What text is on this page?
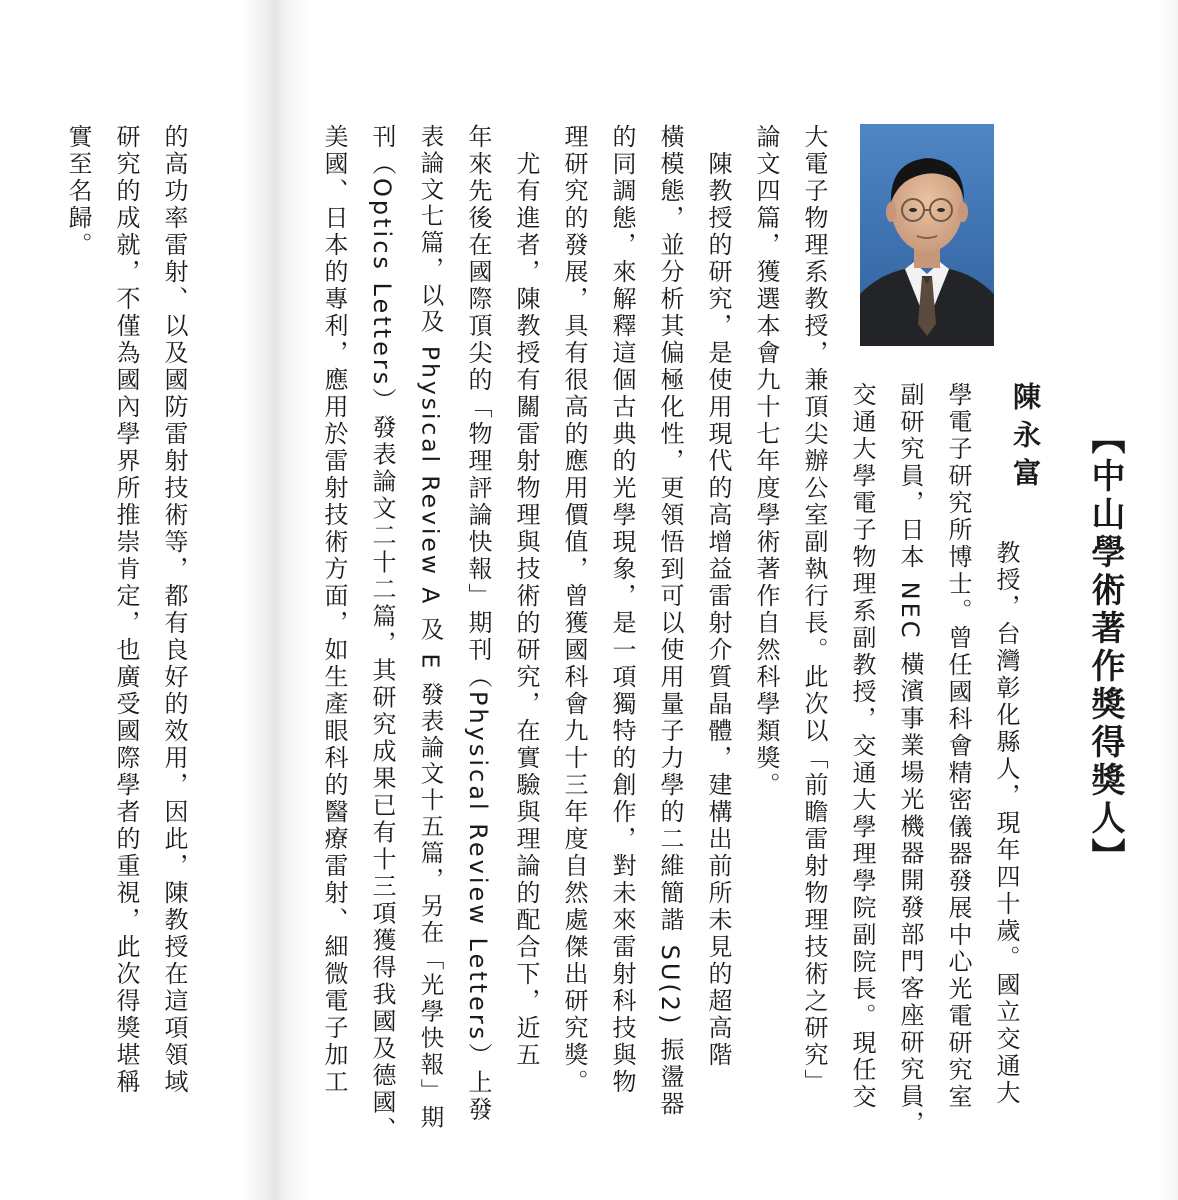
【中山學術著作獎得獎人】
陳永富
教授，台灣彰化縣人，現年四十歲。國立交通大
學電子研究所博士。曾任國科會精密儀器發展中心光電研究室
副研究員，日本 NEC 橫濱事業場光機器開發部門客座研究員，
交通大學電子物理系副教授，交通大學理學院副院長。現任交
大電子物理系教授，兼頂尖辦公室副執行長。此次以「前瞻雷射物理技術之研究」
論文四篇，獲選本會九十七年度學術著作自然科學類獎。
　陳教授的研究，是使用現代的高增益雷射介質晶體，建構出前所未見的超高階
橫模態，並分析其偏極化性，更領悟到可以使用量子力學的二維簡諧 SU(2) 振盪器
的同調態，來解釋這個古典的光學現象，是一項獨特的創作，對未來雷射科技與物
理研究的發展，具有很高的應用價值，曾獲國科會九十三年度自然處傑出研究獎。
　尤有進者，陳教授有關雷射物理與技術的研究，在實驗與理論的配合下，近五
年來先後在國際頂尖的「物理評論快報」期刊（Physical Review Letters）上發
表論文七篇，以及 Physical Review A 及 E 發表論文十五篇，另在「光學快報」期
刊（Optics Letters）發表論文二十二篇，其研究成果已有十三項獲得我國及德國、
美國、日本的專利，應用於雷射技術方面，如生產眼科的醫療雷射、細微電子加工
的高功率雷射、以及國防雷射技術等，都有良好的效用，因此，陳教授在這項領域
研究的成就，不僅為國內學界所推崇肯定，也廣受國際學者的重視，此次得獎堪稱
實至名歸。
